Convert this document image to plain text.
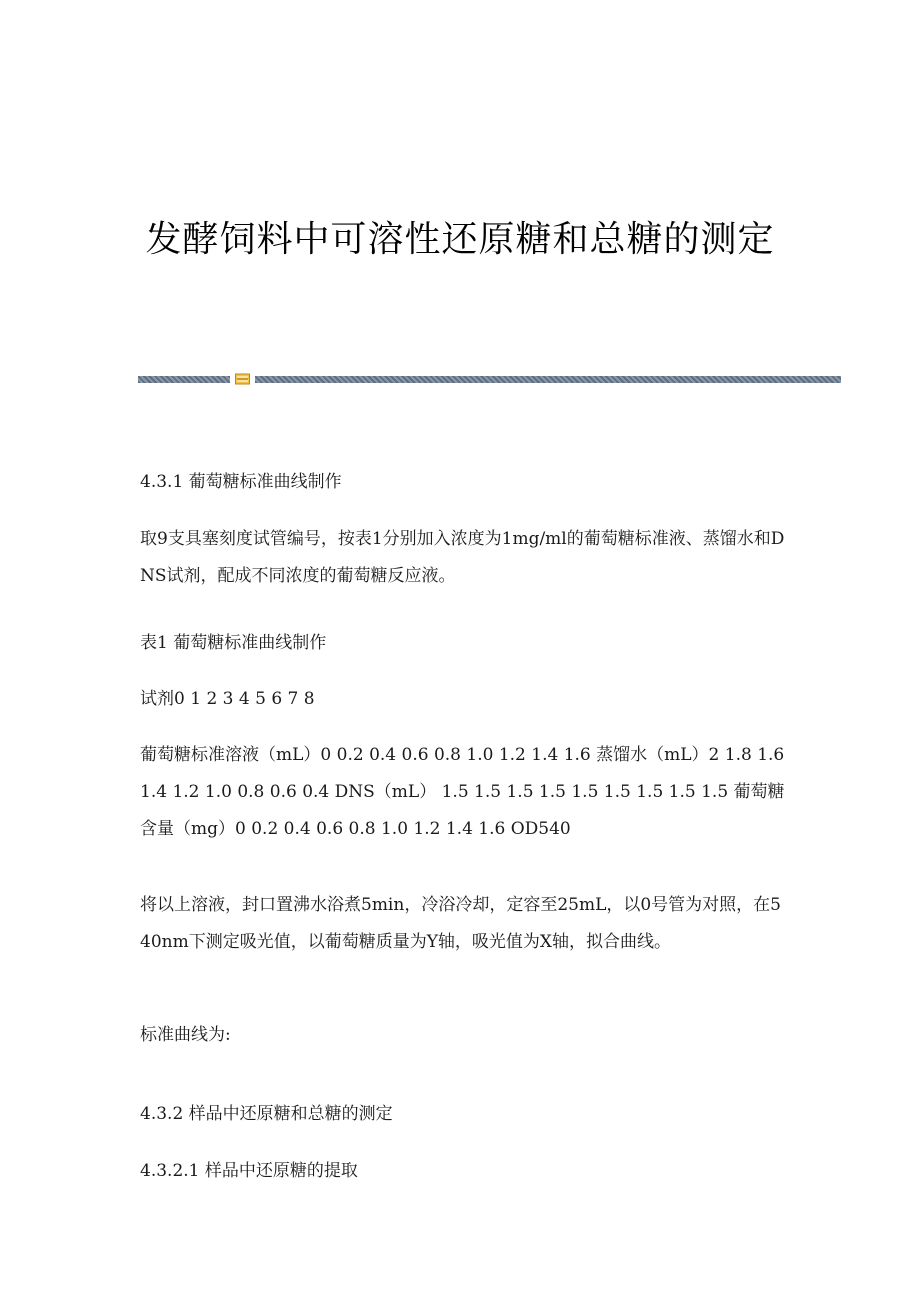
发酵饲料中可溶性还原糖和总糖的测定

4.3.1 葡萄糖标准曲线制作

取9支具塞刻度试管编号，按表1分别加入浓度为1mg/ml的葡萄糖标准液、蒸馏水和DNS试剂，配成不同浓度的葡萄糖反应液。

表1 葡萄糖标准曲线制作

试剂0 1 2 3 4 5 6 7 8

葡萄糖标准溶液（mL）0 0.2 0.4 0.6 0.8 1.0 1.2 1.4 1.6 蒸馏水（mL）2 1.8 1.6 1.4 1.2 1.0 0.8 0.6 0.4 DNS（mL） 1.5 1.5 1.5 1.5 1.5 1.5 1.5 1.5 1.5 葡萄糖含量（mg）0 0.2 0.4 0.6 0.8 1.0 1.2 1.4 1.6 OD540

将以上溶液，封口置沸水浴煮5min，冷浴冷却，定容至25mL，以0号管为对照，在540nm下测定吸光值，以葡萄糖质量为Y轴，吸光值为X轴，拟合曲线。

标准曲线为:

4.3.2 样品中还原糖和总糖的测定

4.3.2.1 样品中还原糖的提取
